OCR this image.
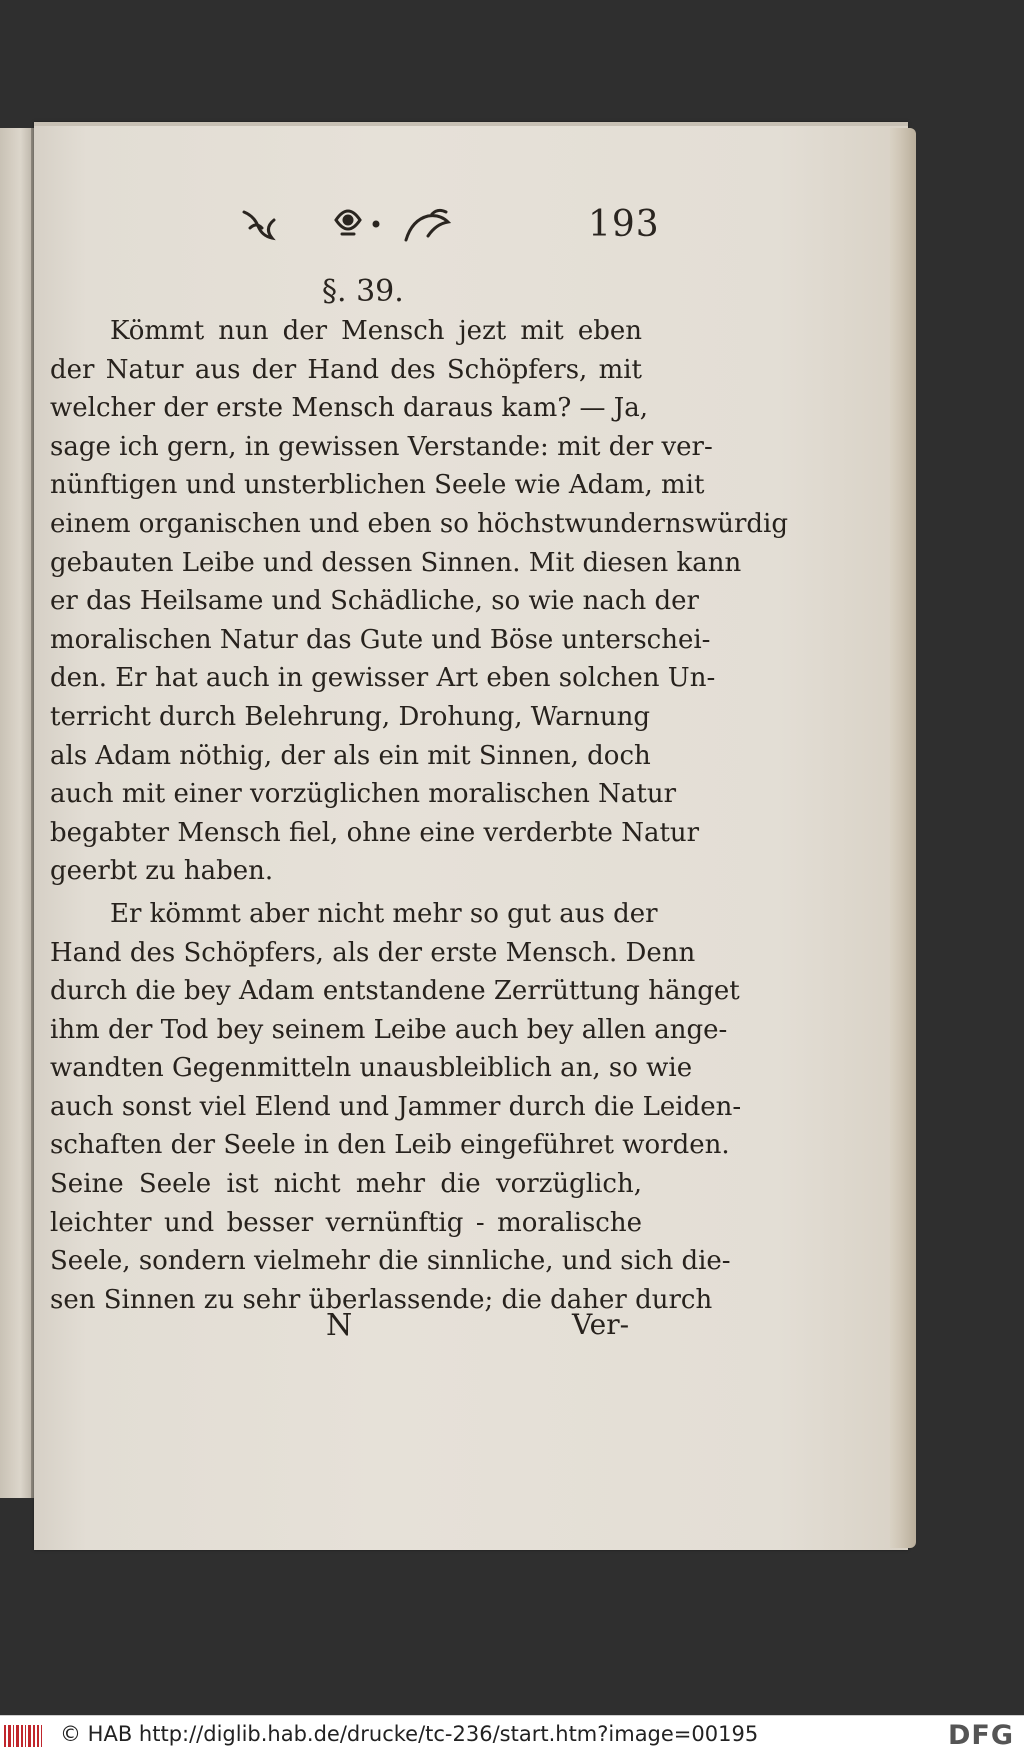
193
§. 39.
Kömmt nun der Mensch jezt mit eben
der Natur aus der Hand des Schöpfers, mit
welcher der erste Mensch daraus kam? — Ja,
sage ich gern, in gewissen Verstande: mit der ver-
nünftigen und unsterblichen Seele wie Adam, mit
einem organischen und eben so höchstwundernswürdig
gebauten Leibe und dessen Sinnen. Mit diesen kann
er das Heilsame und Schädliche, so wie nach der
moralischen Natur das Gute und Böse unterschei-
den. Er hat auch in gewisser Art eben solchen Un-
terricht durch Belehrung, Drohung, Warnung
als Adam nöthig, der als ein mit Sinnen, doch
auch mit einer vorzüglichen moralischen Natur
begabter Mensch fiel, ohne eine verderbte Natur
geerbt zu haben.
Er kömmt aber nicht mehr so gut aus der
Hand des Schöpfers, als der erste Mensch. Denn
durch die bey Adam entstandene Zerrüttung hänget
ihm der Tod bey seinem Leibe auch bey allen ange-
wandten Gegenmitteln unausbleiblich an, so wie
auch sonst viel Elend und Jammer durch die Leiden-
schaften der Seele in den Leib eingeführet worden.
Seine Seele ist nicht mehr die vorzüglich,
leichter und besser vernünftig - moralische
Seele, sondern vielmehr die sinnliche, und sich die-
sen Sinnen zu sehr überlassende; die daher durch
N	Ver-
© HAB http://diglib.hab.de/drucke/tc-236/start.htm?image=00195	DFG
